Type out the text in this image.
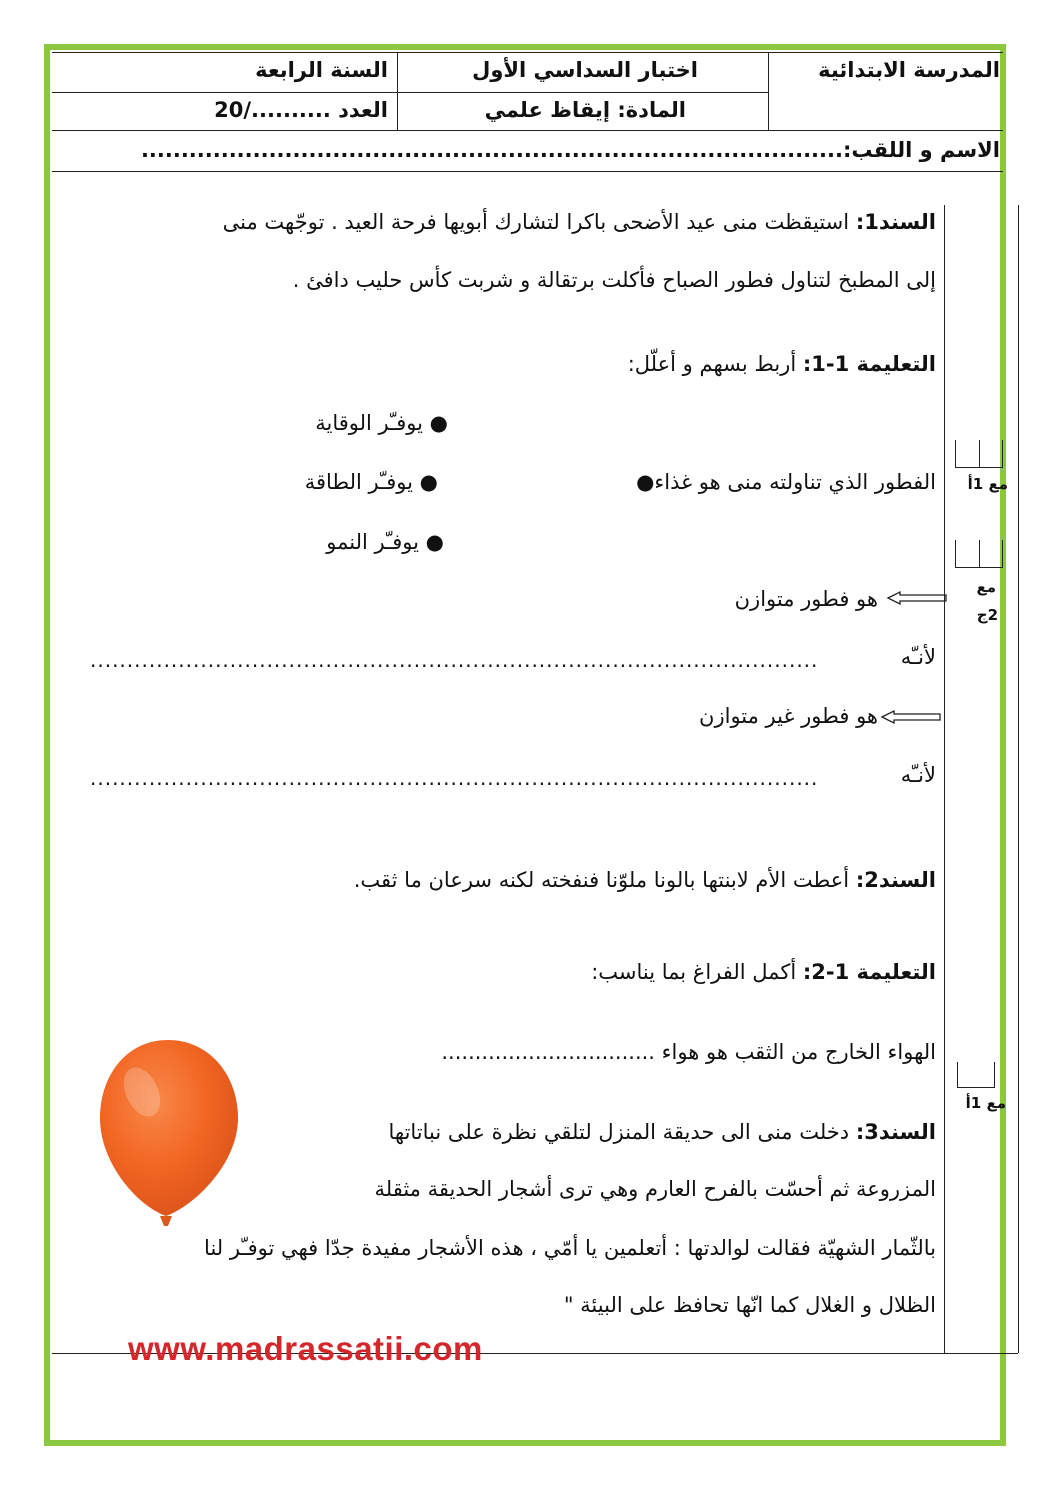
المدرسة الابتدائية
اختبار السداسي الأول
السنة الرابعة
المادة: إيقاظ علمي
العدد ........../20
الاسم و اللقب:........................................................................................
مع 1أ
مع
2ج
مع 1أ
السند1: استيقظت منى عيد الأضحى باكرا لتشارك أبويها فرحة العيد . توجّهت منى
إلى المطبخ لتناول فطور الصباح فأكلت برتقالة و شربت كأس حليب دافئ .
التعليمة 1-1: أربط بسهم و أعلّل:
● يوفـّر الوقاية
● يوفـّر الطاقة
● يوفـّر النمو
الفطور الذي تناولته منى هو غذاء●
هو فطور متوازن
لأنـّه
...................................................................................................
هو فطور غير متوازن
لأنـّه
...................................................................................................
السند2: أعطت الأم لابنتها بالونا ملوّنا فنفخته لكنه سرعان ما ثقب.
التعليمة 1-2: أكمل الفراغ بما يناسب:
الهواء الخارج من الثقب هو هواء ................................
السند3: دخلت منى الى حديقة المنزل لتلقي نظرة على نباتاتها
المزروعة ثم أحسّت بالفرح العارم وهي ترى أشجار الحديقة مثقلة
بالثّمار الشهيّة فقالت لوالدتها : أتعلمين يا أمّي ، هذه الأشجار مفيدة جدّا فهي توفـّر لنا
الظلال و الغلال كما انّها تحافظ على البيئة "
www.madrassatii.com
